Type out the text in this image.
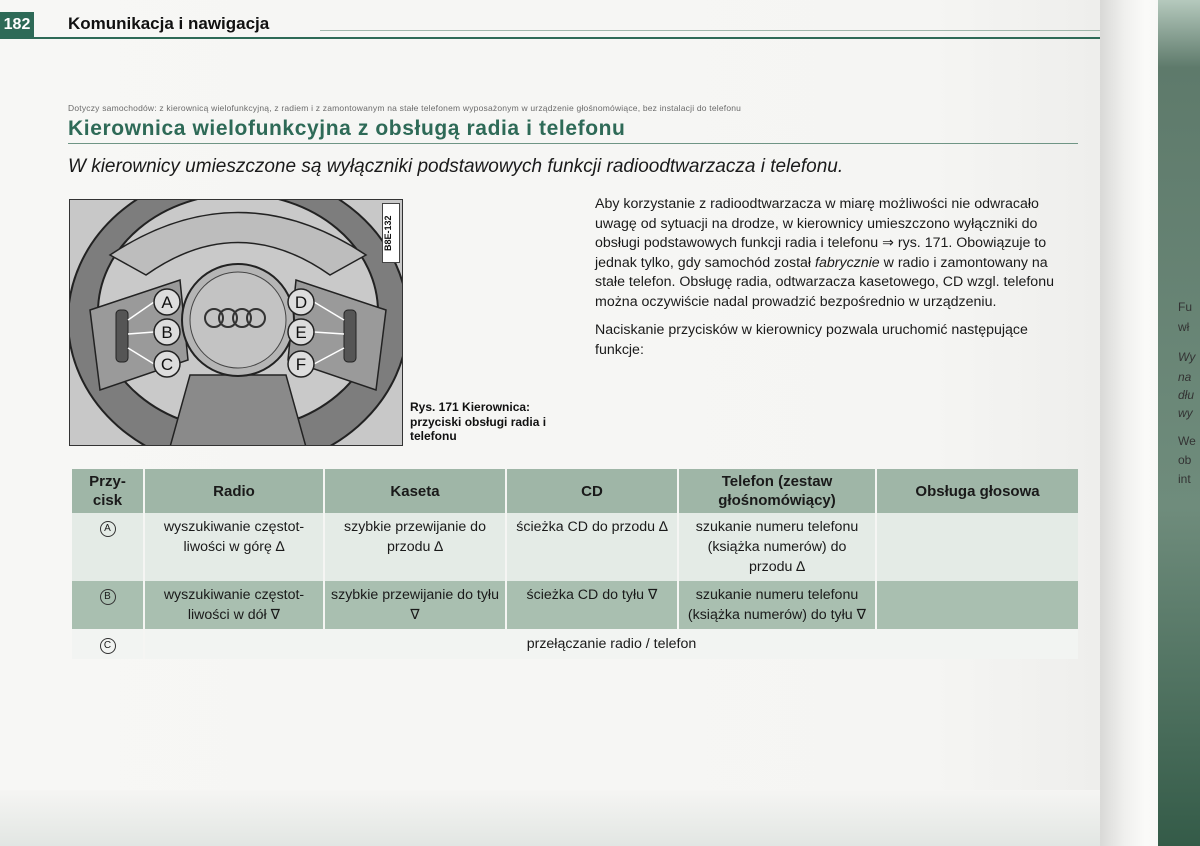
182 Komunikacja i nawigacja
Dotyczy samochodów: z kierownicą wielofunkcyjną, z radiem i z zamontowanym na stałe telefonem wyposażonym w urządzenie głośnomówiące, bez instalacji do telefonu
Kierownica wielofunkcyjna z obsługą radia i telefonu
W kierownicy umieszczone są wyłączniki podstawowych funkcji radioodtwarzacza i telefonu.
A
B
C
D
E
F
B8E-132
Rys. 171 Kierownica: przyciski obsługi radia i telefonu

Aby korzystanie z radioodtwarzacza w miarę możliwości nie odwracało uwagę od sytuacji na drodze, w kierownicy umieszczono wyłączniki do obsługi podstawowych funkcji radia i telefonu ⇒ rys. 171. Obowiązuje to jednak tylko, gdy samochód został fabrycznie w radio i zamontowany na stałe telefon. Obsługę radia, odtwarzacza kasetowego, CD wzgl. telefonu można oczywiście nadal prowadzić bezpośrednio w urządzeniu.

Naciskanie przycisków w kierownicy pozwala uruchomić następujące funkcje:

Przy-
cisk	Radio	Kaseta	CD	Telefon (zestaw głośnomówiący)	Obsługa głosowa
A	wyszukiwanie częstot-liwości w górę ∆	szybkie przewijanie do przodu ∆	ścieżka CD do przodu ∆	szukanie numeru telefonu (książka numerów) do przodu ∆	
B	wyszukiwanie częstot-liwości w dół ∇	szybkie przewijanie do tyłu ∇	ścieżka CD do tyłu ∇	szukanie numeru telefonu (książka numerów) do tyłu ∇	
C	przełączanie radio / telefon				
Fu
wł
Wy
na
dłu
wy
We
ob
int
